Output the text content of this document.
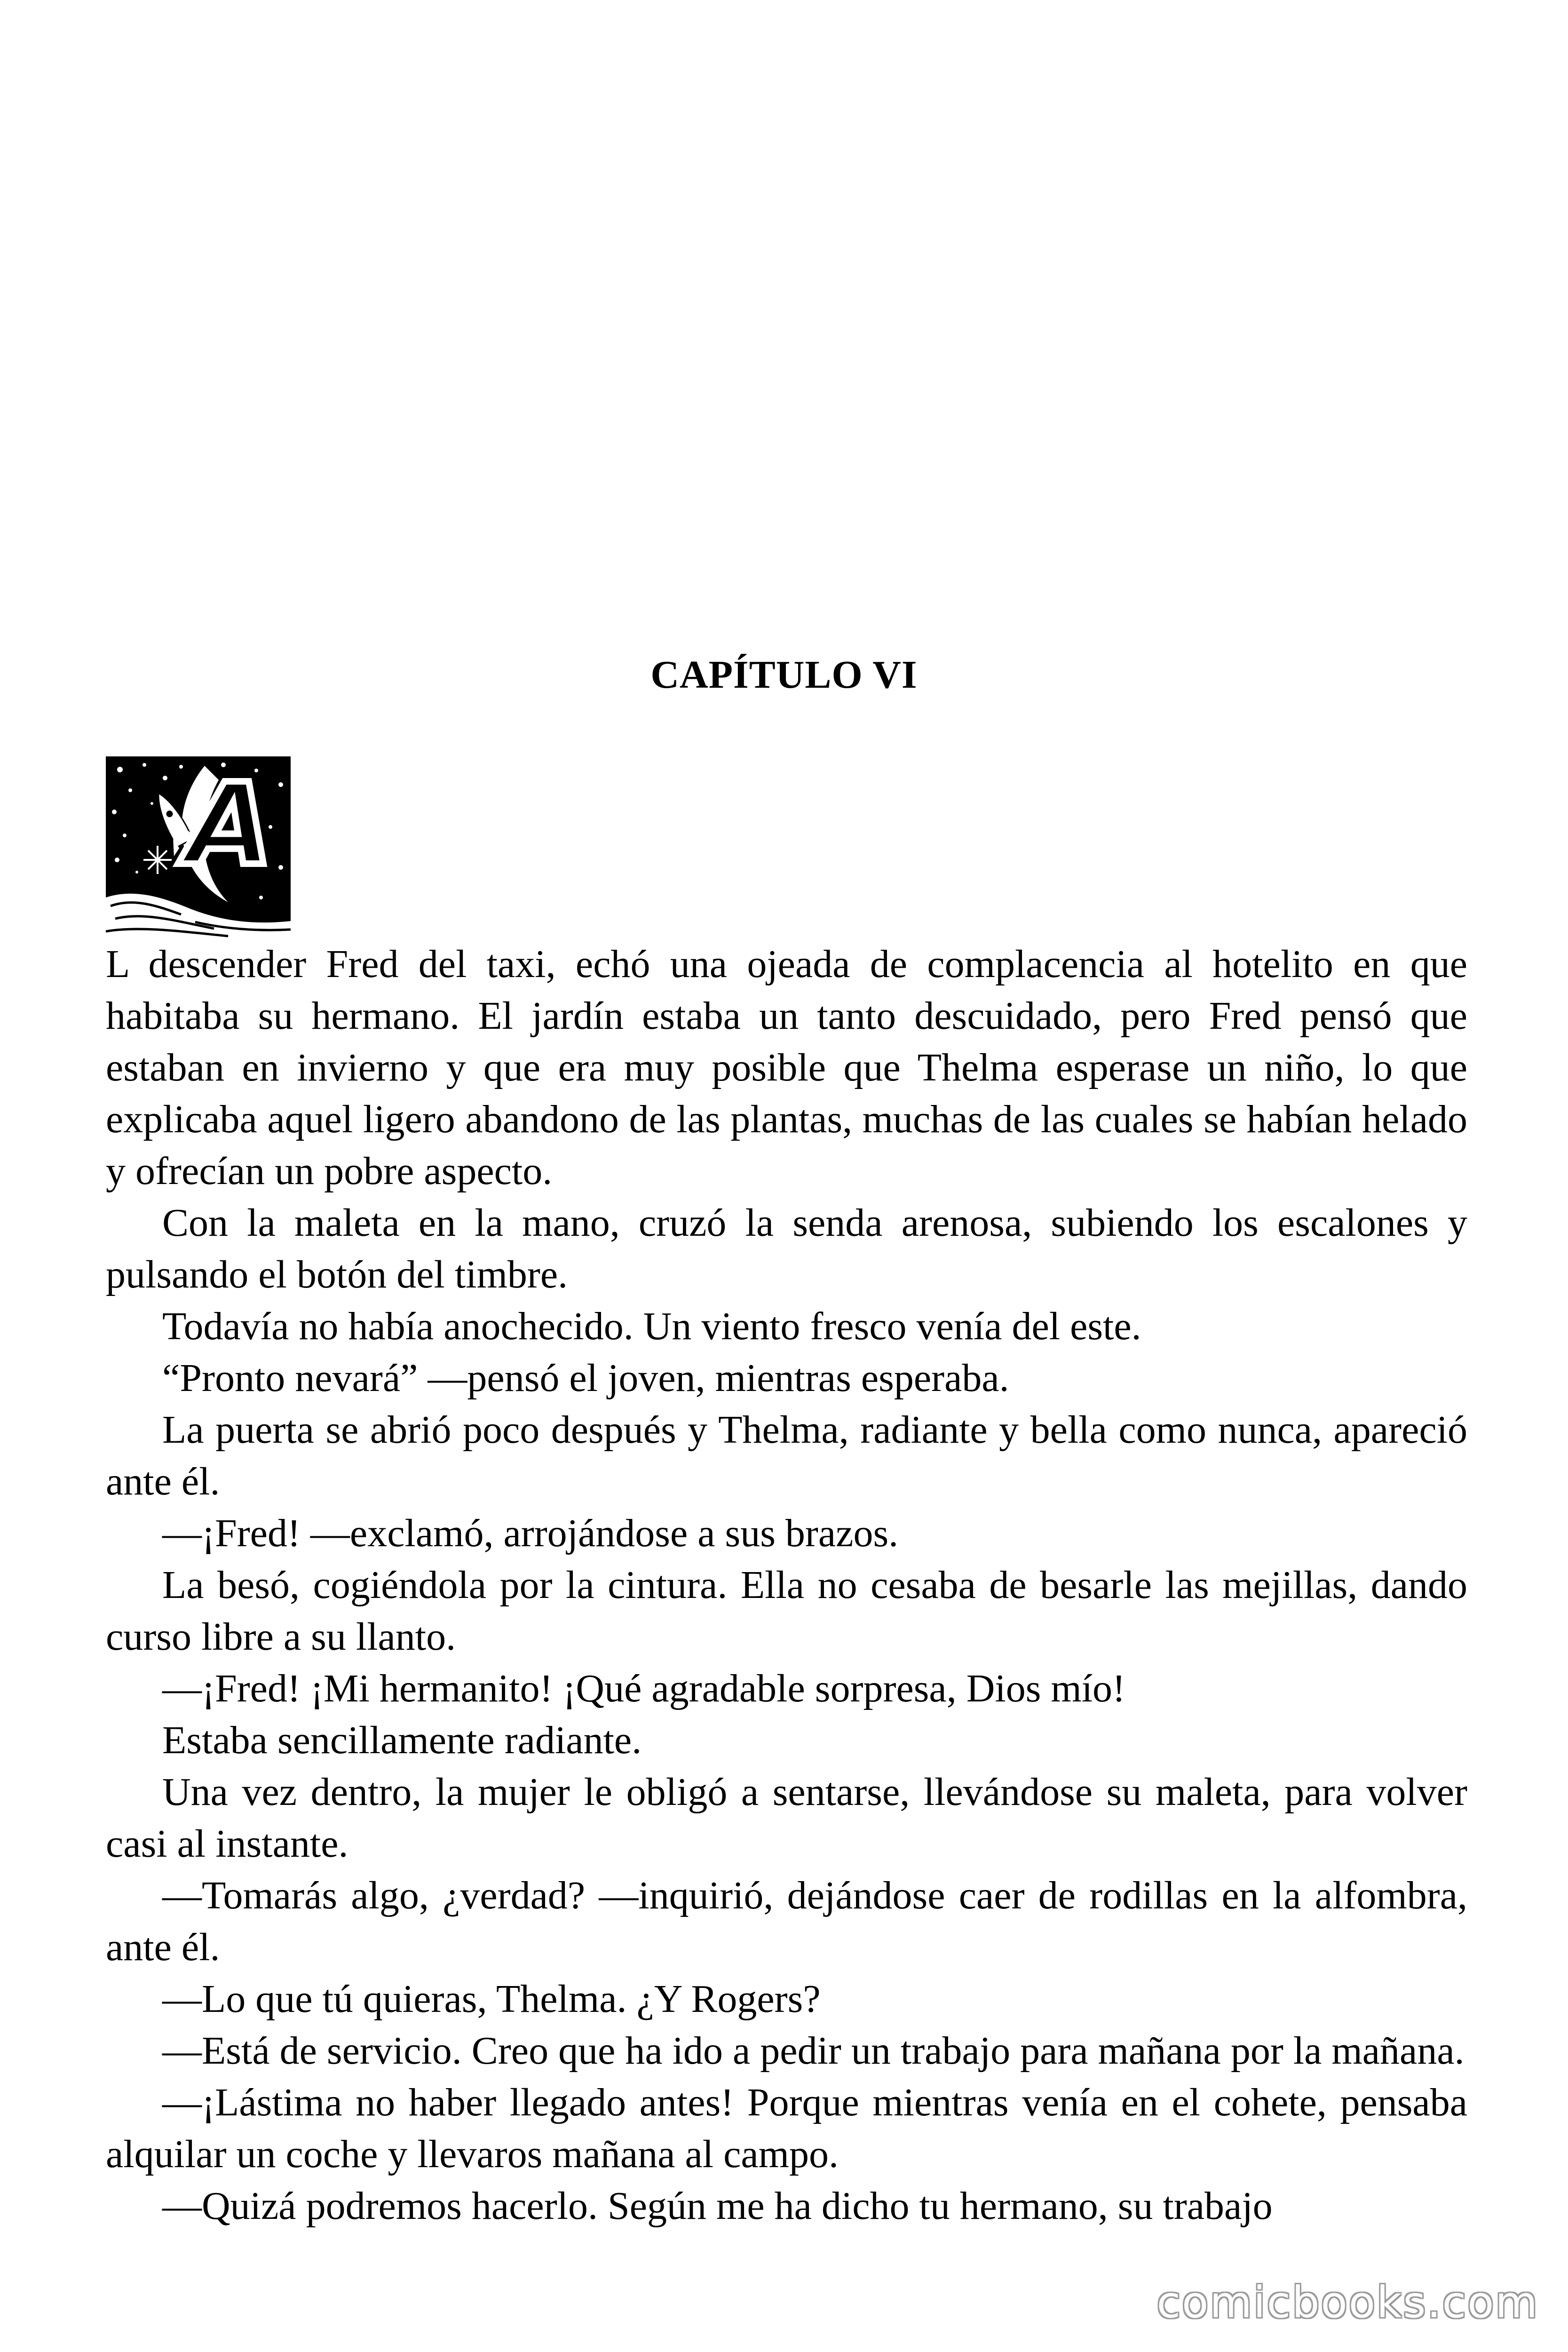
CAPÍTULO VI
A

L descender Fred del taxi, echó una ojeada de complacencia al hotelito en que habitaba su hermano. El jardín estaba un tanto descuidado, pero Fred pensó que estaban en invierno y que era muy posible que Thelma esperase un niño, lo que explicaba aquel ligero abandono de las plantas, muchas de las cuales se habían helado y ofrecían un pobre aspecto.

Con la maleta en la mano, cruzó la senda arenosa, subiendo los escalones y pulsando el botón del timbre.

Todavía no había anochecido. Un viento fresco venía del este.

“Pronto nevará” —pensó el joven, mientras esperaba.

La puerta se abrió poco después y Thelma, radiante y bella como nunca, apareció ante él.

—¡Fred! —exclamó, arrojándose a sus brazos.

La besó, cogiéndola por la cintura. Ella no cesaba de besarle las mejillas, dando curso libre a su llanto.

—¡Fred! ¡Mi hermanito! ¡Qué agradable sorpresa, Dios mío!

Estaba sencillamente radiante.

Una vez dentro, la mujer le obligó a sentarse, llevándose su maleta, para volver casi al instante.

—Tomarás algo, ¿verdad? —inquirió, dejándose caer de rodillas en la alfombra, ante él.

—Lo que tú quieras, Thelma. ¿Y Rogers?

—Está de servicio. Creo que ha ido a pedir un trabajo para mañana por la mañana.

—¡Lástima no haber llegado antes! Porque mientras venía en el cohete, pensaba alquilar un coche y llevaros mañana al campo.

—Quizá podremos hacerlo. Según me ha dicho tu hermano, su trabajo

comicbooks.com
